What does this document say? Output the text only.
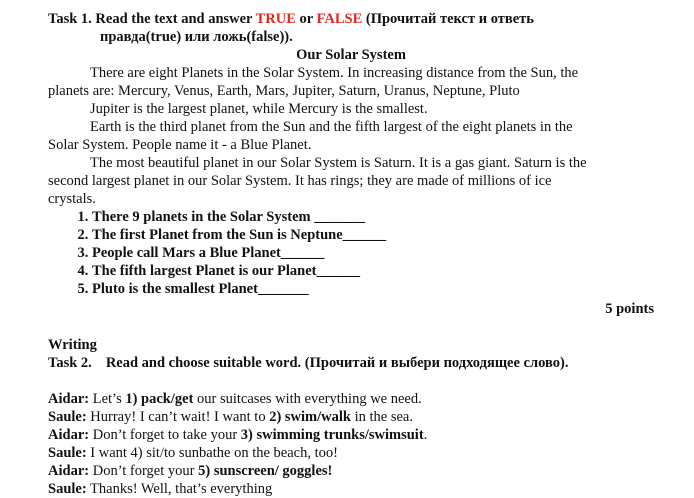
Task 1. Read the text and answer TRUE or FALSE (Прочитай текст и ответь

правда(true) или ложь(false)).

Our Solar System

There are eight Planets in the Solar System. In increasing distance from the Sun, the

planets are: Mercury, Venus, Earth, Mars, Jupiter, Saturn, Uranus, Neptune, Pluto

Jupiter is the largest planet, while Mercury is the smallest.

Earth is the third planet from the Sun and the fifth largest of the eight planets in the

Solar System. People name it - a Blue Planet.

The most beautiful planet in our Solar System is Saturn. It is a gas giant. Saturn is the

second largest planet in our Solar System. It has rings; they are made of millions of ice

crystals.

1. There 9 planets in the Solar System _______
2. The first Planet from the Sun is Neptune______
3. People call Mars a Blue Planet______
4. The fifth largest Planet is our Planet______
5. Pluto is the smallest Planet_______

5 points

Writing

Task 2. Read and choose suitable word. (Прочитай и выбери подходящее слово).

Aidar: Let’s 1) pack/get our suitcases with everything we need.

Saule: Hurray! I can’t wait! I want to 2) swim/walk in the sea.

Aidar: Don’t forget to take your 3) swimming trunks/swimsuit.

Saule: I want 4) sit/to sunbathe on the beach, too!

Aidar: Don’t forget your 5) sunscreen/ goggles!

Saule: Thanks! Well, that’s everything
